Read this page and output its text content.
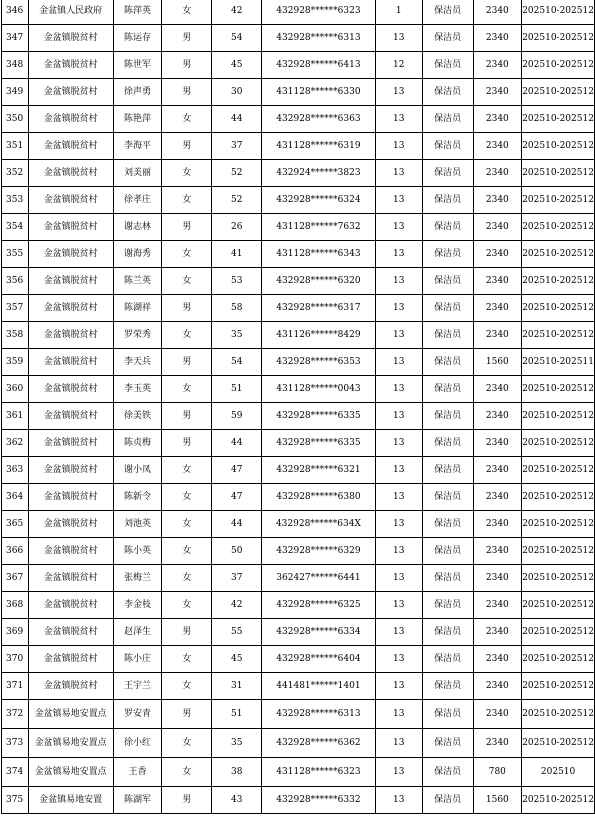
346	金盆镇人民政府	陈萍英	女	42	432928******6323	1	保洁员	2340	202510-202512
347	金盆镇脱贫村	陈运存	男	54	432928******6313	13	保洁员	2340	202510-202512
348	金盆镇脱贫村	陈世军	男	45	432928******6413	12	保洁员	2340	202510-202512
349	金盆镇脱贫村	徐声勇	男	30	431128******6330	13	保洁员	2340	202510-202512
350	金盆镇脱贫村	陈艳萍	女	44	432928******6363	13	保洁员	2340	202510-202512
351	金盆镇脱贫村	李海平	男	37	431128******6319	13	保洁员	2340	202510-202512
352	金盆镇脱贫村	刘美丽	女	52	432924******3823	13	保洁员	2340	202510-202512
353	金盆镇脱贫村	徐孝庄	女	52	432928******6324	13	保洁员	2340	202510-202512
354	金盆镇脱贫村	谢志林	男	26	431128******7632	13	保洁员	2340	202510-202512
355	金盆镇脱贫村	谢海秀	女	41	431128******6343	13	保洁员	2340	202510-202512
356	金盆镇脱贫村	陈兰英	女	53	432928******6320	13	保洁员	2340	202510-202512
357	金盆镇脱贫村	陈湖祥	男	58	432928******6317	13	保洁员	2340	202510-202512
358	金盆镇脱贫村	罗荣秀	女	35	431126******8429	13	保洁员	2340	202510-202512
359	金盆镇脱贫村	李天兵	男	54	432928******6353	13	保洁员	1560	202510-202511
360	金盆镇脱贫村	李玉英	女	51	431128******0043	13	保洁员	2340	202510-202512
361	金盆镇脱贫村	徐美铁	男	59	432928******6335	13	保洁员	2340	202510-202512
362	金盆镇脱贫村	陈贞梅	男	44	432928******6335	13	保洁员	2340	202510-202512
363	金盆镇脱贫村	谢小凤	女	47	432928******6321	13	保洁员	2340	202510-202512
364	金盆镇脱贫村	陈新令	女	47	432928******6380	13	保洁员	2340	202510-202512
365	金盆镇脱贫村	刘池英	女	44	432928******634X	13	保洁员	2340	202510-202512
366	金盆镇脱贫村	陈小英	女	50	432928******6329	13	保洁员	2340	202510-202512
367	金盆镇脱贫村	张梅兰	女	37	362427******6441	13	保洁员	2340	202510-202512
368	金盆镇脱贫村	李金枝	女	42	432928******6325	13	保洁员	2340	202510-202512
369	金盆镇脱贫村	赵泽生	男	55	432928******6334	13	保洁员	2340	202510-202512
370	金盆镇脱贫村	陈小庄	女	45	432928******6404	13	保洁员	2340	202510-202512
371	金盆镇脱贫村	王宇兰	女	31	441481******1401	13	保洁员	2340	202510-202512
372	金盆镇易地安置点	罗安青	男	51	432928******6313	13	保洁员	2340	202510-202512
373	金盆镇易地安置点	徐小红	女	35	432928******6362	13	保洁员	2340	202510-202512
374	金盆镇易地安置点	王香	女	38	431128******6323	13	保洁员	780	202510
375	金盆镇易地安置	陈湖军	男	43	432928******6332	13	保洁员	1560	202510-202512
